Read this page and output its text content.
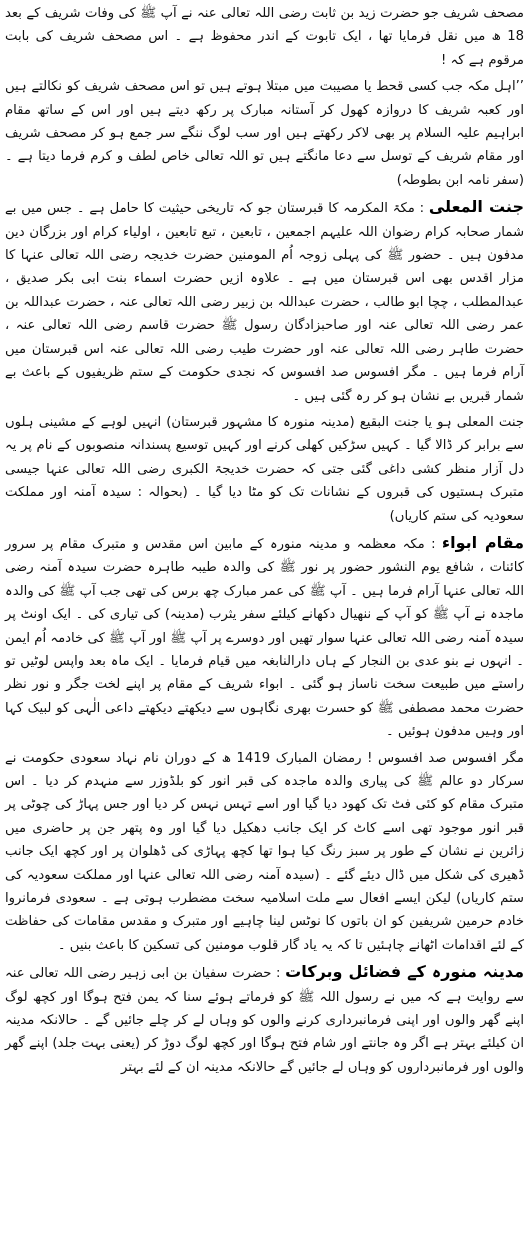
مصحف شریف جو حضرت زید بن ثابت رضی اللہ تعالی عنہ نے آپ ﷺ کی وفات شریف کے بعد 18 ھ میں نقل فرمایا تھا ، ایک تابوت کے اندر محفوظ ہے ۔ اس مصحف شریف کی بابت مرقوم ہے کہ !

’’اہل مکہ جب کسی قحط یا مصیبت میں مبتلا ہوتے ہیں تو اس مصحف شریف کو نکالتے ہیں اور کعبہ شریف کا دروازہ کھول کر آستانہ مبارک پر رکھ دیتے ہیں اور اس کے ساتھ مقام ابراہیم علیہ السلام پر بھی لاکر رکھتے ہیں اور سب لوگ ننگے سر جمع ہو کر مصحف شریف اور مقام شریف کے توسل سے دعا مانگتے ہیں تو اللہ تعالی خاص لطف و کرم فرما دیتا ہے ۔ (سفر نامہ ابن بطوطہ)

جنت المعلی : مکۃ المکرمہ کا قبرستان جو کہ تاریخی حیثیت کا حامل ہے ۔ جس میں بے شمار صحابہ کرام رضوان اللہ علیہم اجمعین ، تابعین ، تبع تابعین ، اولیاء کرام اور بزرگان دین مدفون ہیں ۔ حضور ﷺ کی پہلی زوجہ اُم المومنین حضرت خدیجہ رضی اللہ تعالی عنہا کا مزار اقدس بھی اس قبرستان میں ہے ۔ علاوہ ازیں حضرت اسماء بنت ابی بکر صدیق ، عبدالمطلب ، چچا ابو طالب ، حضرت عبداللہ بن زبیر رضی اللہ تعالی عنہ ، حضرت عبداللہ بن عمر رضی اللہ تعالی عنہ اور صاحبزادگان رسول ﷺ حضرت قاسم رضی اللہ تعالی عنہ ، حضرت طاہر رضی اللہ تعالی عنہ اور حضرت طیب رضی اللہ تعالی عنہ اس قبرستان میں آرام فرما ہیں ۔ مگر افسوس صد افسوس کہ نجدی حکومت کے ستم ظریفیوں کے باعث بے شمار قبریں بے نشان ہو کر رہ گئی ہیں ۔

جنت المعلی ہو یا جنت البقیع (مدینہ منورہ کا مشہور قبرستان) انہیں لوہے کے مشینی ہلوں سے برابر کر ڈالا گیا ۔ کہیں سڑکیں کھلی کرنے اور کہیں توسیع پسندانہ منصوبوں کے نام پر یہ دل آزار منظر کشی داغی گئی جتی کہ حضرت خدیجۃ الکبری رضی اللہ تعالی عنہا جیسی متبرک ہستیوں کی قبروں کے نشانات تک کو مٹا دیا گیا ۔ (بحوالہ : سیدہ آمنہ اور مملکت سعودیہ کی ستم کاریاں)

مقام ابواء : مکہ معظمہ و مدینہ منورہ کے مابین اس مقدس و متبرک مقام پر سرور کائنات ، شافع یوم النشور حضور پر نور ﷺ کی والدہ طیبہ طاہرہ حضرت سیدہ آمنہ رضی اللہ تعالی عنہا آرام فرما ہیں ۔ آپ ﷺ کی عمر مبارک چھ برس کی تھی جب آپ ﷺ کی والدہ ماجدہ نے آپ ﷺ کو آپ کے ننھیال دکھانے کیلئے سفر یثرب (مدینہ) کی تیاری کی ۔ ایک اونٹ پر سیدہ آمنہ رضی اللہ تعالی عنہا سوار تھیں اور دوسرے پر آپ ﷺ اور آپ ﷺ کی خادمہ اُم ایمن ۔ انہوں نے بنو عدی بن النجار کے ہاں دارالنابغہ میں قیام فرمایا ۔ ایک ماہ بعد واپس لوٹیں تو راستے میں طبیعت سخت ناساز ہو گئی ۔ ابواء شریف کے مقام پر اپنے لخت جگر و نور نظر حضرت محمد مصطفی ﷺ کو حسرت بھری نگاہوں سے دیکھتے دیکھتے داعی الٰہی کو لبیک کہا اور وہیں مدفون ہوئیں ۔

مگر افسوس صد افسوس ! رمضان المبارک 1419 ھ کے دوران نام نہاد سعودی حکومت نے سرکار دو عالم ﷺ کی پیاری والدہ ماجدہ کی قبر انور کو بلڈوزر سے منہدم کر دیا ۔ اس متبرک مقام کو کئی فٹ تک کھود دیا گیا اور اسے تہس نہس کر دیا اور جس پہاڑ کی چوٹی پر قبر انور موجود تھی اسے کاٹ کر ایک جانب دھکیل دیا گیا اور وہ پتھر جن پر حاضری میں زائرین نے نشان کے طور پر سبز رنگ کیا ہوا تھا کچھ پہاڑی کی ڈھلوان پر اور کچھ ایک جانب ڈھیری کی شکل میں ڈال دیئے گئے ۔ (سیدہ آمنہ رضی اللہ تعالی عنہا اور مملکت سعودیہ کی ستم کاریاں) لیکن ایسے افعال سے ملت اسلامیہ سخت مضطرب ہوتی ہے ۔ سعودی فرمانروا خادم حرمین شریفین کو ان باتوں کا نوٹس لینا چاہیے اور متبرک و مقدس مقامات کی حفاظت کے لئے اقدامات اٹھانے چاہئیں تا کہ یہ یاد گار قلوب مومنین کی تسکین کا باعث بنیں ۔

مدینہ منورہ کے فضائل وبرکات : حضرت سفیان بن ابی زہیر رضی اللہ تعالی عنہ سے روایت ہے کہ میں نے رسول اللہ ﷺ کو فرماتے ہوئے سنا کہ یمن فتح ہوگا اور کچھ لوگ اپنے گھر والوں اور اپنی فرمانبرداری کرنے والوں کو وہاں لے کر چلے جائیں گے ۔ حالانکہ مدینہ ان کیلئے بہتر ہے اگر وہ جانتے اور شام فتح ہوگا اور کچھ لوگ دوڑ کر (یعنی بہت جلد) اپنے گھر والوں اور فرمانبرداروں کو وہاں لے جائیں گے حالانکہ مدینہ ان کے لئے بہتر
